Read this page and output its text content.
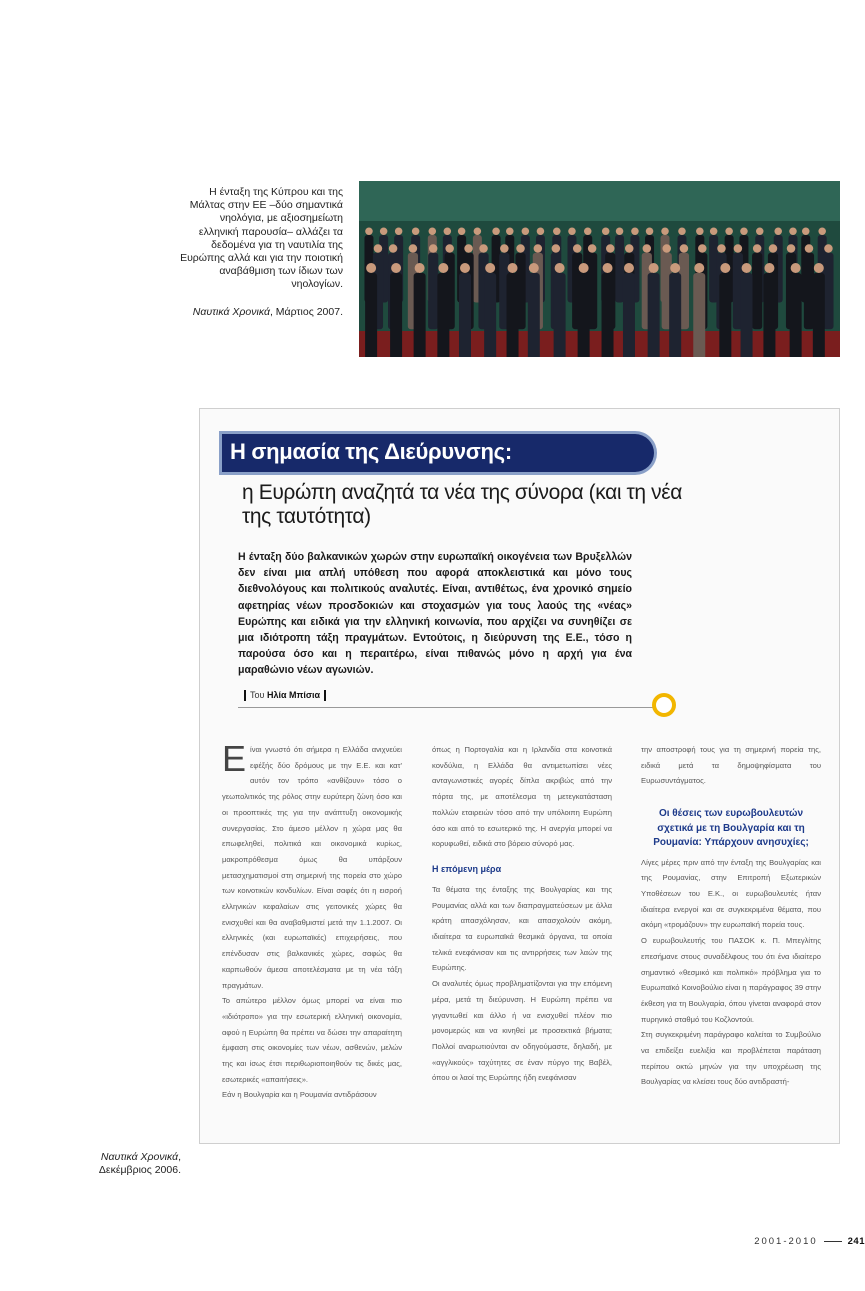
Η ένταξη της Κύπρου και της Μάλτας στην ΕΕ –δύο σημαντικά νηολόγια, με αξιοσημείωτη ελληνική παρουσία– αλλάζει τα δεδομένα για τη ναυτιλία της Ευρώπης αλλά και για την ποιοτική αναβάθμιση των ίδιων των νηολογίων.
Ναυτικά Χρονικά, Μάρτιος 2007.
Η σημασία της Διεύρυνσης:
η Ευρώπη αναζητά τα νέα της σύνορα (και τη νέα της ταυτότητα)
Η ένταξη δύο βαλκανικών χωρών στην ευρωπαϊκή οικογένεια των Βρυξελλών δεν είναι μια απλή υπόθεση που αφορά αποκλειστικά και μόνο τους διεθνολόγους και πολιτικούς αναλυτές. Είναι, αντιθέτως, ένα χρονικό σημείο αφετηρίας νέων προσδοκιών και στοχασμών για τους λαούς της «νέας» Ευρώπης και ειδικά για την ελληνική κοινωνία, που αρχίζει να συνηθίζει σε μια ιδιότροπη τάξη πραγμάτων. Εντούτοις, η διεύρυνση της Ε.Ε., τόσο η παρούσα όσο και η περαιτέρω, είναι πιθανώς μόνο η αρχή για ένα μαραθώνιο νέων αγωνιών.
Του Ηλία Μπίσια

Είναι γνωστό ότι σήμερα η Ελλάδα ανιχνεύει εφέξής δύο δρόμους με την Ε.Ε. και κατ' αυτόν τον τρόπο «ανθίζουν» τόσο ο γεωπολιτικός της ρόλος στην ευρύτερη ζώνη όσο και οι προοπτικές της για την ανάπτυξη οικονομικής συνεργασίας. Στο άμεσο μέλλον η χώρα μας θα επωφεληθεί, πολιτικά και οικονομικά κυρίως, μακροπρόθεσμα όμως θα υπάρξουν μετασχηματισμοί στη σημερινή της πορεία στο χώρο των κοινοτικών κονδυλίων. Είναι σαφές ότι η εισροή ελληνικών κεφαλαίων στις γειτονικές χώρες θα ενισχυθεί και θα αναβαθμιστεί μετά την 1.1.2007. Οι ελληνικές (και ευρωπαϊκές) επιχειρήσεις, που επένδυσαν στις βαλκανικές χώρες, σαφώς θα καρπωθούν άμεσα αποτελέσματα με τη νέα τάξη πραγμάτων.

Το απώτερο μέλλον όμως μπορεί να είναι πιο «ιδιότροπο» για την εσωτερική ελληνική οικονομία, αφού η Ευρώπη θα πρέπει να δώσει την απαραίτητη έμφαση στις οικονομίες των νέων, ασθενών, μελών της και ίσως έτσι περιθωριοποιηθούν τις δικές μας, εσωτερικές «απαιτήσεις».

Εάν η Βουλγαρία και η Ρουμανία αντιδράσουν

όπως η Πορτογαλία και η Ιρλανδία στα κοινοτικά κονδύλια, η Ελλάδα θα αντιμετωπίσει νέες ανταγωνιστικές αγορές δίπλα ακριβώς από την πόρτα της, με αποτέλεσμα τη μετεγκατάσταση πολλών εταιρειών τόσο από την υπόλοιπη Ευρώπη όσο και από το εσωτερικό της. Η ανεργία μπορεί να κορυφωθεί, ειδικά στο βόρειο σύνορό μας.

Η επόμενη μέρα

Τα θέματα της ένταξης της Βουλγαρίας και της Ρουμανίας αλλά και των διαπραγματεύσεων με άλλα κράτη απασχόλησαν, και απασχολούν ακόμη, ιδιαίτερα τα ευρωπαϊκά θεσμικά όργανα, τα οποία τελικά ενεφάνισαν και τις αντιρρήσεις των λαών της Ευρώπης.

Οι αναλυτές όμως προβληματίζονται για την επόμενη μέρα, μετά τη διεύρυνση. Η Ευρώπη πρέπει να γιγαντωθεί και άλλο ή να ενισχυθεί πλέον πιο μονομερώς και να κινηθεί με προσεκτικά βήματα; Πολλοί αναρωτιούνται αν οδηγούμαστε, δηλαδή, με «αγγλικούς» ταχύτητες σε έναν πύργο της Βαβέλ, όπου οι λαοί της Ευρώπης ήδη ενεφάνισαν

την αποστροφή τους για τη σημερινή πορεία της, ειδικά μετά τα δημοψηφίσματα του Ευρωσυντάγματος.

Οι θέσεις των ευρωβουλευτών σχετικά με τη Βουλγαρία και τη Ρουμανία: Υπάρχουν ανησυχίες;

Λίγες μέρες πριν από την ένταξη της Βουλγαρίας και της Ρουμανίας, στην Επιτροπή Εξωτερικών Υποθέσεων του Ε.Κ., οι ευρωβουλευτές ήταν ιδιαίτερα ενεργοί και σε συγκεκριμένα θέματα, που ακόμη «τρομάζουν» την ευρωπαϊκή πορεία τους.

Ο ευρωβουλευτής του ΠΑΣΟΚ κ. Π. Μπεγλίτης επεσήμανε στους συναδέλφους του ότι ένα ιδιαίτερο σημαντικό «θεσμικό και πολιτικό» πρόβλημα για το Ευρωπαϊκό Κοινοβούλιο είναι η παράγραφος 39 στην έκθεση για τη Βουλγαρία, όπου γίνεται αναφορά στον πυρηνικό σταθμό του Κοζλοντούι.

Στη συγκεκριμένη παράγραφο καλείται το Συμβούλιο να επιδείξει ευελιξία και προβλέπεται παράταση περίπου οκτώ μηνών για την υποχρέωση της Βουλγαρίας να κλείσει τους δύο αντιδραστή-

Ναυτικά Χρονικά, Δεκέμβριος 2006.
2001-2010	241
